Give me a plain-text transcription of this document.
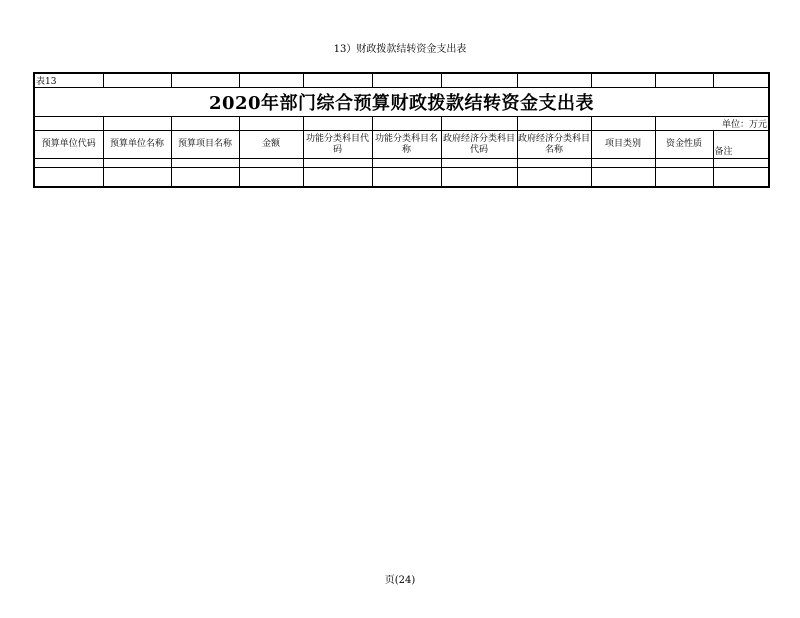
13）财政拨款结转资金支出表
表13										
2020年部门综合预算财政拨款结转资金支出表										
									单位：万元	
预算单位代码	预算单位名称	预算项目名称	金额	功能分类科目代码	功能分类科目名称	政府经济分类科目代码	政府经济分类科目名称	项目类别	资金性质	备注

页(24)
